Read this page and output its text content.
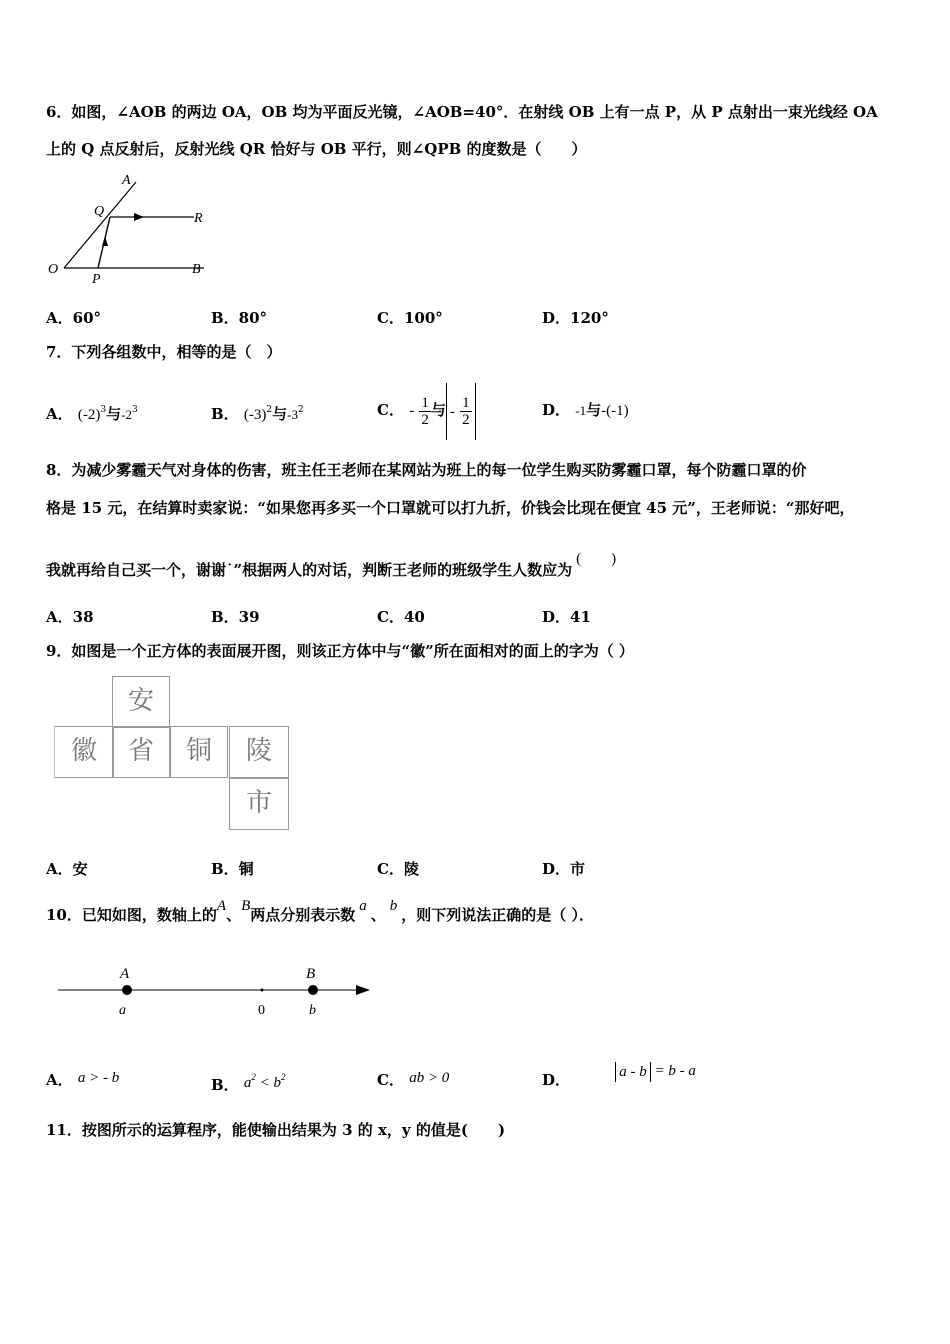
6．如图，∠AOB 的两边 OA，OB 均为平面反光镜，∠AOB=40°．在射线 OB 上有一点 P，从 P 点射出一束光线经 OA
上的 Q 点反射后，反射光线 QR 恰好与 OB 平行，则∠QPB 的度数是（　　）
A
Q	R
O
P
B
A．60°	B．80°	C．100°	D．120°
7．下列各组数中，相等的是（　）
A． $(-2)^3$与$-2^3$	B． $(-3)^2$与$-3^2$	C． - $\frac{1}{2}$ 与 - $\frac{1}{2}$	D． -1与-(-1)
8．为减少雾霾天气对身体的伤害，班主任王老师在某网站为班上的每一位学生购买防雾霾口罩，每个防霾口罩的价
格是 15 元，在结算时卖家说：“如果您再多买一个口罩就可以打九折，价钱会比现在便宜 45 元”，王老师说：“那好吧，
我就再给自己买一个，谢谢˙”根据两人的对话，判断王老师的班级学生人数应为(　　)
A．38	B．39	C．40	D．41
9．如图是一个正方体的表面展开图，则该正方体中与“徽”所在面相对的面上的字为（ ）
安
徽	省	铜	陵
市
A．安	B．铜	C．陵	D．市
10．已知如图，数轴上的A、B两点分别表示数 a 、 b ，则下列说法正确的是（ ）．
A	B
a	0	b
A． a > - b	B． $a^2 < b^2$	C． ab > 0	D．	a - b = b - a
11．按图所示的运算程序，能使输出结果为 3 的 x，y 的值是(　　)
